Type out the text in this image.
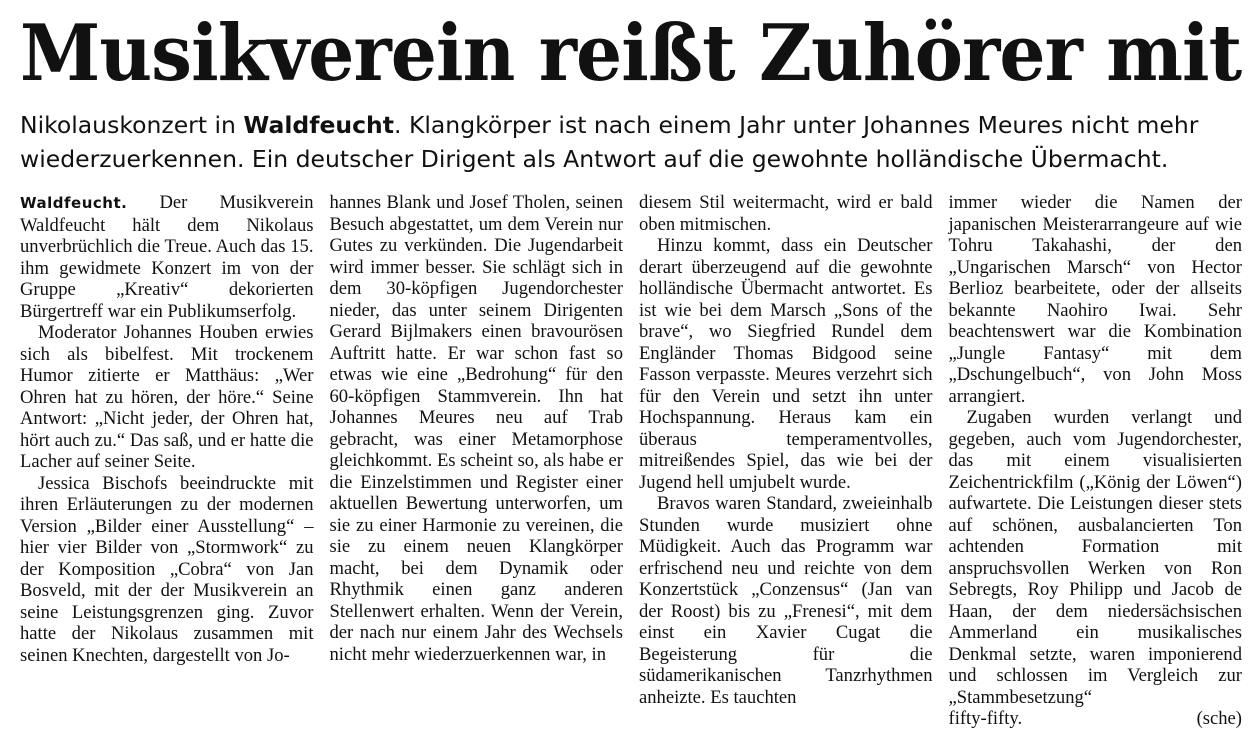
Musikverein reißt Zuhörer mit

Nikolauskonzert in Waldfeucht. Klangkörper ist nach einem Jahr unter Johannes Meures nicht mehr wiederzuerkennen. Ein deutscher Dirigent als Antwort auf die gewohnte holländische Übermacht.

Waldfeucht. Der Musikverein Waldfeucht hält dem Nikolaus unverbrüchlich die Treue. Auch das 15. ihm gewidmete Konzert im von der Gruppe „Kreativ“ dekorierten Bürgertreff war ein Publikumserfolg.

Moderator Johannes Houben erwies sich als bibelfest. Mit trockenem Humor zitierte er Matthäus: „Wer Ohren hat zu hören, der höre.“ Seine Antwort: „Nicht jeder, der Ohren hat, hört auch zu.“ Das saß, und er hatte die Lacher auf seiner Seite.

Jessica Bischofs beeindruckte mit ihren Erläuterungen zu der modernen Version „Bilder einer Ausstellung“ – hier vier Bilder von „Stormwork“ zu der Komposition „Cobra“ von Jan Bosveld, mit der der Musikverein an seine Leistungsgrenzen ging. Zuvor hatte der Nikolaus zusammen mit seinen Knechten, dargestellt von Jo-

hannes Blank und Josef Tholen, seinen Besuch abgestattet, um dem Verein nur Gutes zu verkünden. Die Jugendarbeit wird immer besser. Sie schlägt sich in dem 30-köpfigen Jugendorchester nieder, das unter seinem Dirigenten Gerard Bijlmakers einen bravourösen Auftritt hatte. Er war schon fast so etwas wie eine „Bedrohung“ für den 60-köpfigen Stammverein. Ihn hat Johannes Meures neu auf Trab gebracht, was einer Metamorphose gleichkommt. Es scheint so, als habe er die Einzelstimmen und Register einer aktuellen Bewertung unterworfen, um sie zu einer Harmonie zu vereinen, die sie zu einem neuen Klangkörper macht, bei dem Dynamik oder Rhythmik einen ganz anderen Stellenwert erhalten. Wenn der Verein, der nach nur einem Jahr des Wechsels nicht mehr wiederzuerkennen war, in

diesem Stil weitermacht, wird er bald oben mitmischen.

Hinzu kommt, dass ein Deutscher derart überzeugend auf die gewohnte holländische Übermacht antwortet. Es ist wie bei dem Marsch „Sons of the brave“, wo Siegfried Rundel dem Engländer Thomas Bidgood seine Fasson verpasste. Meures verzehrt sich für den Verein und setzt ihn unter Hochspannung. Heraus kam ein überaus temperamentvolles, mitreißendes Spiel, das wie bei der Jugend hell umjubelt wurde.

Bravos waren Standard, zweieinhalb Stunden wurde musiziert ohne Müdigkeit. Auch das Programm war erfrischend neu und reichte von dem Konzertstück „Conzensus“ (Jan van der Roost) bis zu „Frenesi“, mit dem einst ein Xavier Cugat die Begeisterung für die südamerikanischen Tanzrhythmen anheizte. Es tauchten

immer wieder die Namen der japanischen Meisterarrangeure auf wie Tohru Takahashi, der den „Ungarischen Marsch“ von Hector Berlioz bearbeitete, oder der allseits bekannte Naohiro Iwai. Sehr beachtenswert war die Kombination „Jungle Fantasy“ mit dem „Dschungelbuch“, von John Moss arrangiert.

Zugaben wurden verlangt und gegeben, auch vom Jugendorchester, das mit einem visualisierten Zeichentrickfilm („König der Löwen“) aufwartete. Die Leistungen dieser stets auf schönen, ausbalancierten Ton achtenden Formation mit anspruchsvollen Werken von Ron Sebregts, Roy Philipp und Jacob de Haan, der dem niedersächsischen Ammerland ein musikalisches Denkmal setzte, waren imponierend und schlossen im Vergleich zur „Stammbesetzung“

fifty-fifty.	(sche)
